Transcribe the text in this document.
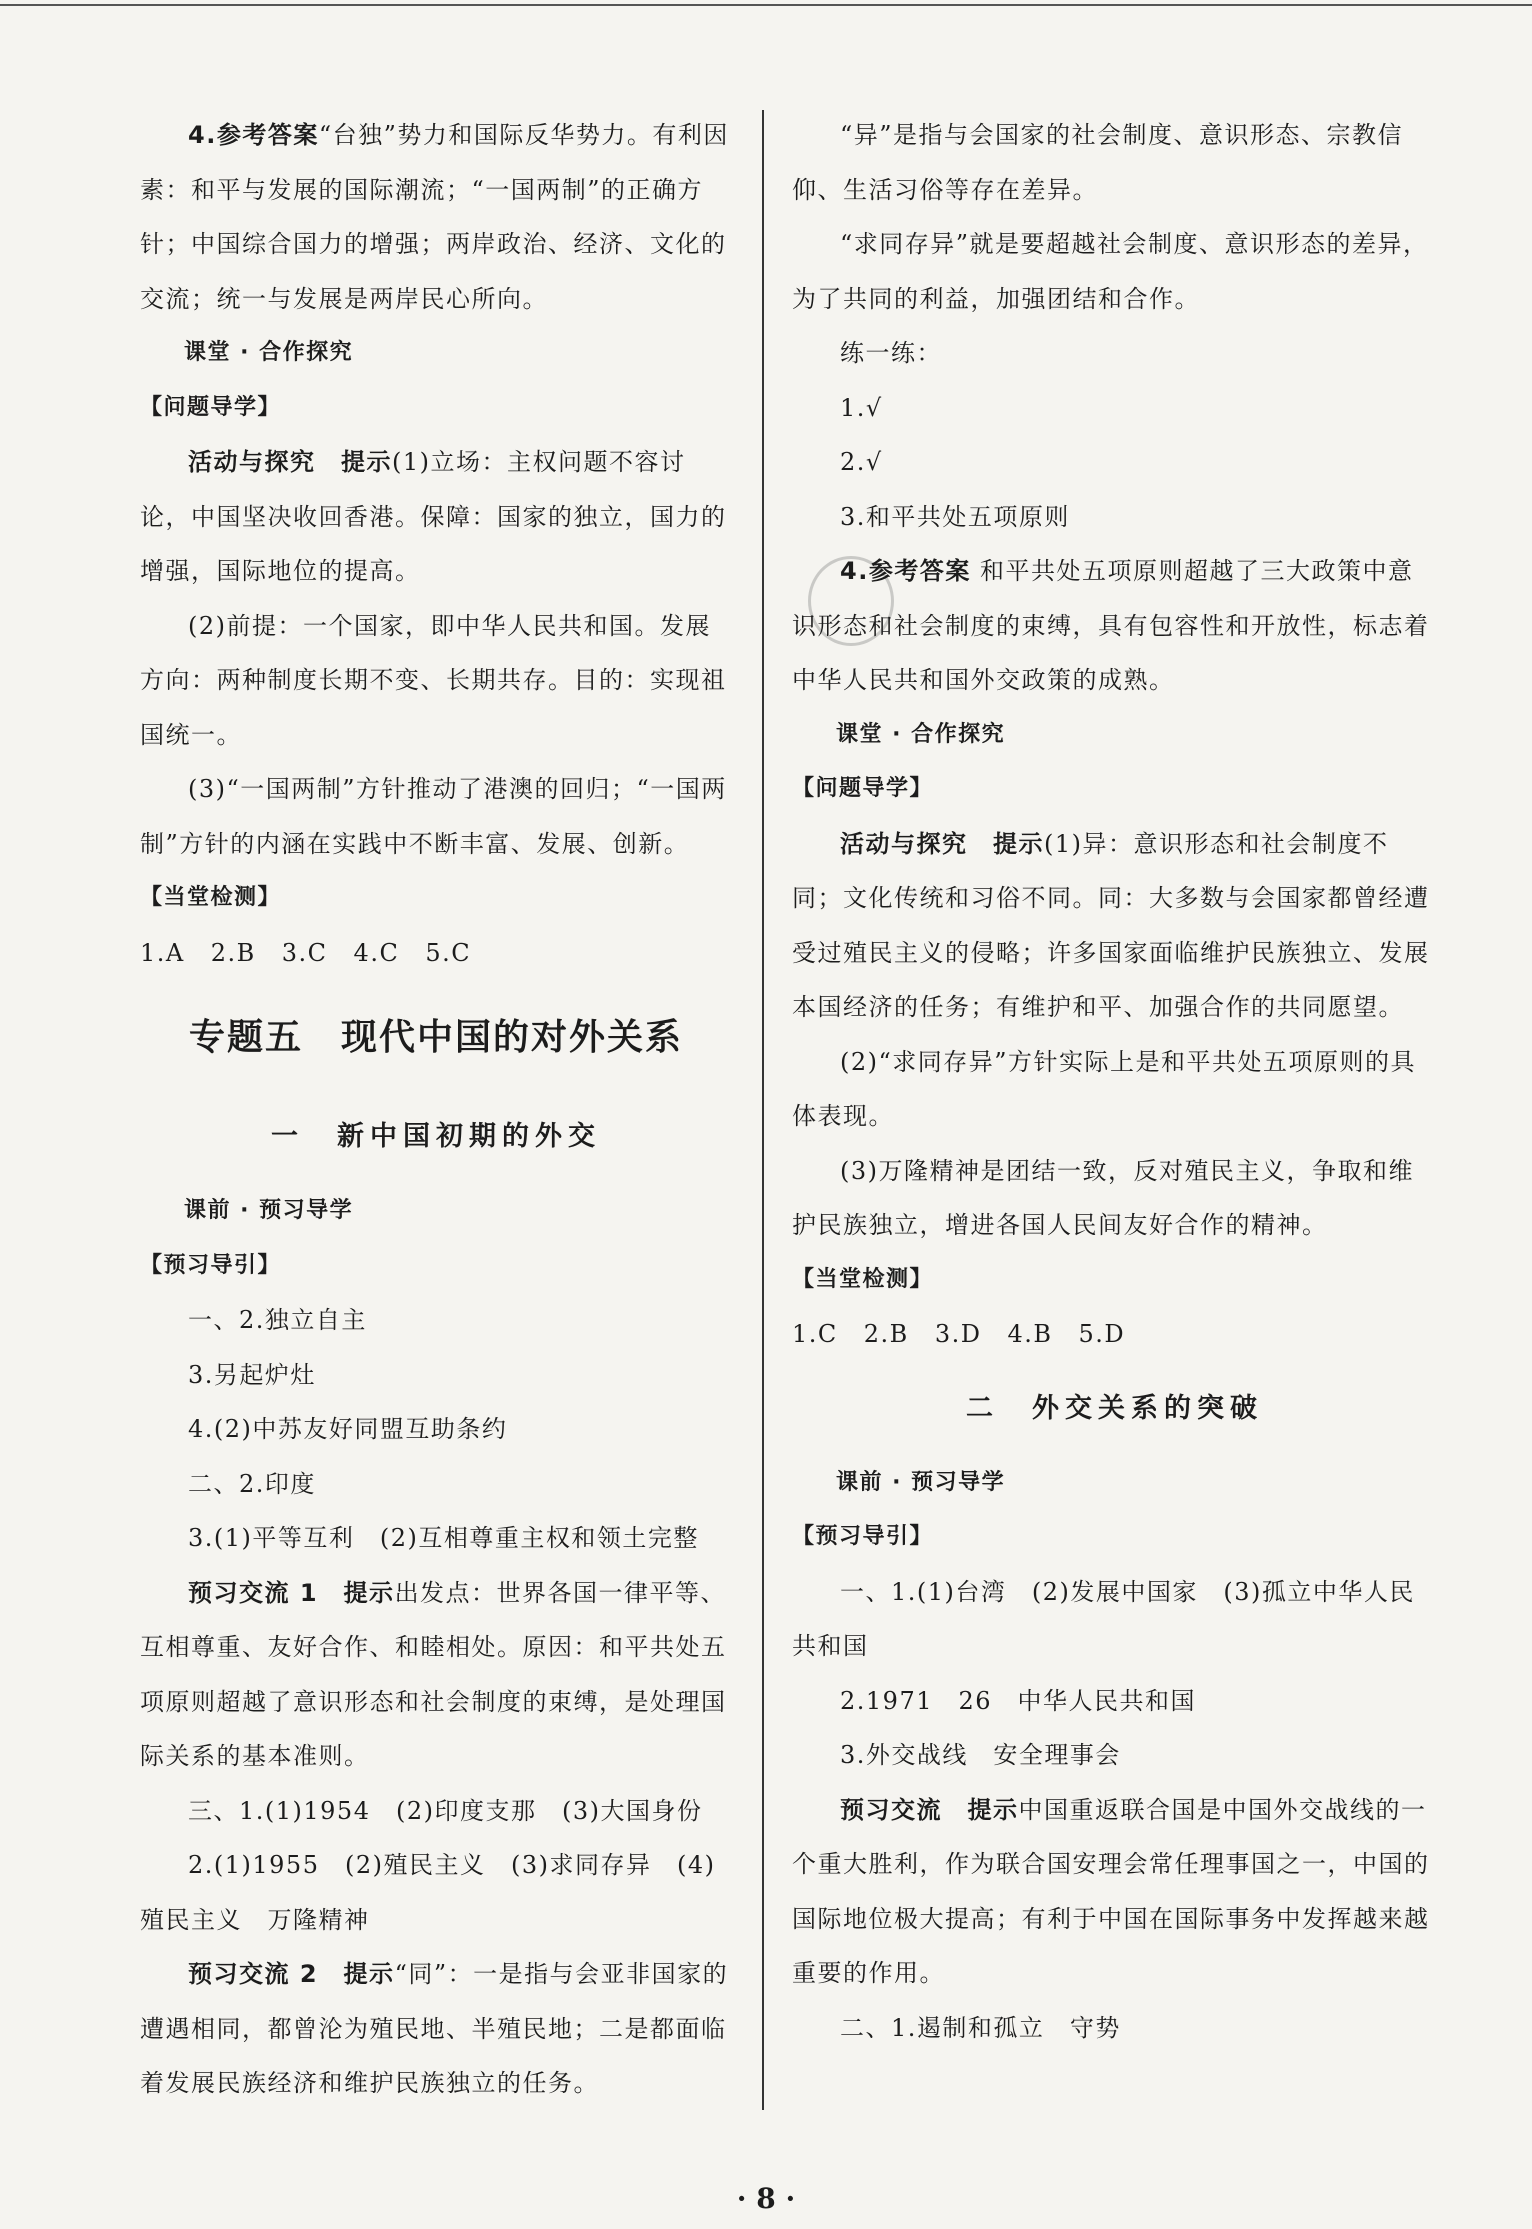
4.参考答案“台独”势力和国际反华势力。有利因素：和平与发展的国际潮流；“一国两制”的正确方针；中国综合国力的增强；两岸政治、经济、文化的交流；统一与发展是两岸民心所向。

课堂 · 合作探究

【问题导学】

活动与探究　提示(1)立场：主权问题不容讨论，中国坚决收回香港。保障：国家的独立，国力的增强，国际地位的提高。

(2)前提：一个国家，即中华人民共和国。发展方向：两种制度长期不变、长期共存。目的：实现祖国统一。

(3)“一国两制”方针推动了港澳的回归；“一国两制”方针的内涵在实践中不断丰富、发展、创新。

【当堂检测】

1.A 2.B 3.C 4.C 5.C

专题五　现代中国的对外关系

一　新中国初期的外交

课前 · 预习导学

【预习导引】

一、2.独立自主

3.另起炉灶

4.(2)中苏友好同盟互助条约

二、2.印度

3.(1)平等互利　(2)互相尊重主权和领土完整

预习交流 1　提示出发点：世界各国一律平等、互相尊重、友好合作、和睦相处。原因：和平共处五项原则超越了意识形态和社会制度的束缚，是处理国际关系的基本准则。

三、1.(1)1954　(2)印度支那　(3)大国身份

2.(1)1955　(2)殖民主义　(3)求同存异　(4)殖民主义　万隆精神

预习交流 2　提示“同”：一是指与会亚非国家的遭遇相同，都曾沦为殖民地、半殖民地；二是都面临着发展民族经济和维护民族独立的任务。

“异”是指与会国家的社会制度、意识形态、宗教信仰、生活习俗等存在差异。

“求同存异”就是要超越社会制度、意识形态的差异，为了共同的利益，加强团结和合作。

练一练：

1.√

2.√

3.和平共处五项原则

4.参考答案 和平共处五项原则超越了三大政策中意识形态和社会制度的束缚，具有包容性和开放性，标志着中华人民共和国外交政策的成熟。

课堂 · 合作探究

【问题导学】

活动与探究　提示(1)异：意识形态和社会制度不同；文化传统和习俗不同。同：大多数与会国家都曾经遭受过殖民主义的侵略；许多国家面临维护民族独立、发展本国经济的任务；有维护和平、加强合作的共同愿望。

(2)“求同存异”方针实际上是和平共处五项原则的具体表现。

(3)万隆精神是团结一致，反对殖民主义，争取和维护民族独立，增进各国人民间友好合作的精神。

【当堂检测】

1.C 2.B 3.D 4.B 5.D

二　外交关系的突破

课前 · 预习导学

【预习导引】

一、1.(1)台湾　(2)发展中国家　(3)孤立中华人民共和国

2.1971　26　中华人民共和国

3.外交战线　安全理事会

预习交流　提示中国重返联合国是中国外交战线的一个重大胜利，作为联合国安理会常任理事国之一，中国的国际地位极大提高；有利于中国在国际事务中发挥越来越重要的作用。

二、1.遏制和孤立　守势

· 8 ·
